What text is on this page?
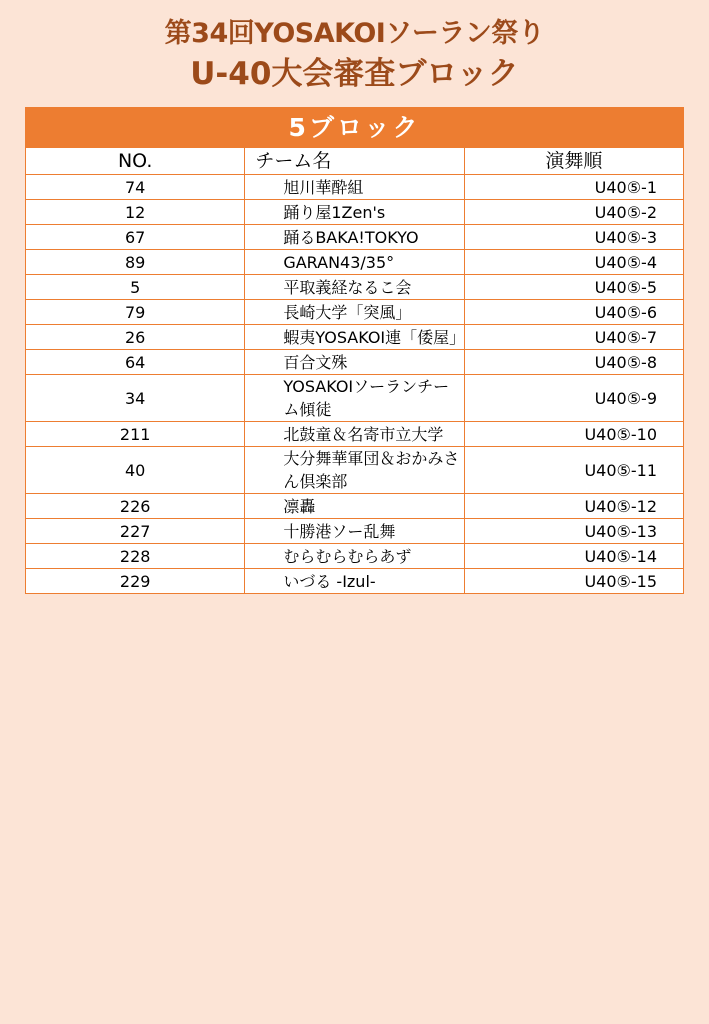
第34回YOSAKOIソーラン祭り
U-40大会審査ブロック
5ブロック		
NO.	チーム名	演舞順
74	旭川華酔組	U40⑤-1
12	踊り屋1Zen's	U40⑤-2
67	踊るBAKA!TOKYO	U40⑤-3
89	GARAN43/35°	U40⑤-4
5	平取義経なるこ会	U40⑤-5
79	長崎大学「突風」	U40⑤-6
26	蝦夷YOSAKOI連「倭屋」	U40⑤-7
64	百合文殊	U40⑤-8
34	YOSAKOIソーランチーム傾徒	U40⑤-9
211	北鼓童＆名寄市立大学	U40⑤-10
40	大分舞華軍団＆おかみさん倶楽部	U40⑤-11
226	凛轟	U40⑤-12
227	十勝港ソー乱舞	U40⑤-13
228	むらむらむらあず	U40⑤-14
229	いづる -Izul-	U40⑤-15
